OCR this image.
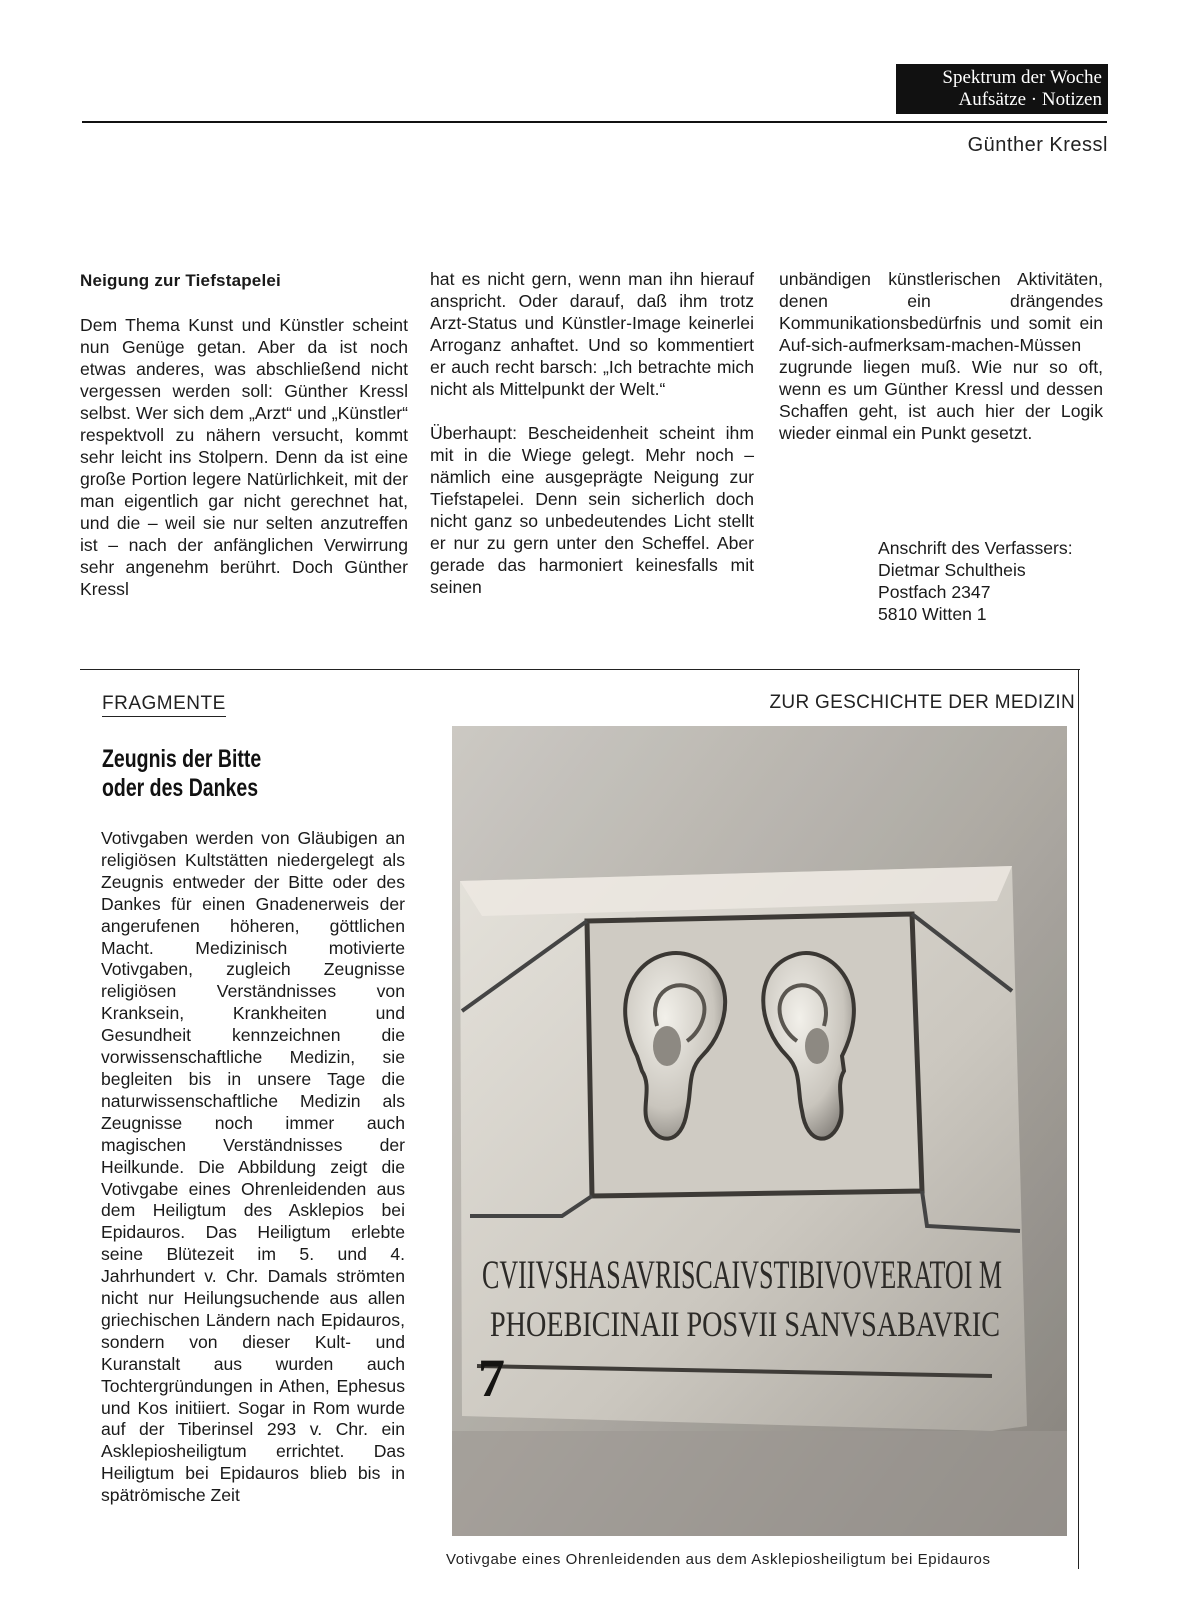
Spektrum der Woche
Aufsätze · Notizen
Günther Kressl

Neigung zur Tiefstapelei

Dem Thema Kunst und Künstler scheint nun Genüge getan. Aber da ist noch etwas anderes, was abschließend nicht vergessen werden soll: Günther Kressl selbst. Wer sich dem „Arzt“ und „Künstler“ respektvoll zu nähern versucht, kommt sehr leicht ins Stolpern. Denn da ist eine große Portion legere Natürlichkeit, mit der man eigentlich gar nicht gerechnet hat, und die – weil sie nur selten anzutreffen ist – nach der anfänglichen Verwirrung sehr angenehm berührt. Doch Günther Kressl

hat es nicht gern, wenn man ihn hierauf anspricht. Oder darauf, daß ihm trotz Arzt-Status und Künstler-Image keinerlei Arroganz anhaftet. Und so kommentiert er auch recht barsch: „Ich betrachte mich nicht als Mittelpunkt der Welt.“

Überhaupt: Bescheidenheit scheint ihm mit in die Wiege gelegt. Mehr noch – nämlich eine ausgeprägte Neigung zur Tiefstapelei. Denn sein sicherlich doch nicht ganz so unbedeutendes Licht stellt er nur zu gern unter den Scheffel. Aber gerade das harmoniert keinesfalls mit seinen

unbändigen künstlerischen Aktivitäten, denen ein drängendes Kommunikationsbedürfnis und somit ein Auf-sich-aufmerksam-machen-Müssen zugrunde liegen muß. Wie nur so oft, wenn es um Günther Kressl und dessen Schaffen geht, ist auch hier der Logik wieder einmal ein Punkt gesetzt.

Anschrift des Verfassers:
Dietmar Schultheis
Postfach 2347
5810 Witten 1
FRAGMENTE	ZUR GESCHICHTE DER MEDIZIN
Zeugnis der Bitte
oder des Dankes
Votivgaben werden von Gläubigen an religiösen Kultstätten niedergelegt als Zeugnis entweder der Bitte oder des Dankes für einen Gnadenerweis der angerufenen höheren, göttlichen Macht. Medizinisch motivierte Votivgaben, zugleich Zeugnisse religiösen Verständnisses von Kranksein, Krankheiten und Gesundheit kennzeichnen die vorwissenschaftliche Medizin, sie begleiten bis in unsere Tage die naturwissenschaftliche Medizin als Zeugnisse noch immer auch magischen Verständnisses der Heilkunde. Die Abbildung zeigt die Votivgabe eines Ohrenleidenden aus dem Heiligtum des Asklepios bei Epidauros. Das Heiligtum erlebte seine Blütezeit im 5. und 4. Jahrhundert v. Chr. Damals strömten nicht nur Heilungsuchende aus allen griechischen Ländern nach Epidauros, sondern von dieser Kult- und Kuranstalt aus wurden auch Tochtergründungen in Athen, Ephesus und Kos initiiert. Sogar in Rom wurde auf der Tiberinsel 293 v. Chr. ein Asklepiosheiligtum errichtet. Das Heiligtum bei Epidauros blieb bis in spätrömische Zeit
CVIIVSHASAVRISCAIVSTIBIVOVERATOI M
PHOEBICINAII POSVII SANVSABAVRIC
7
Votivgabe eines Ohrenleidenden aus dem Asklepiosheiligtum bei Epidauros
